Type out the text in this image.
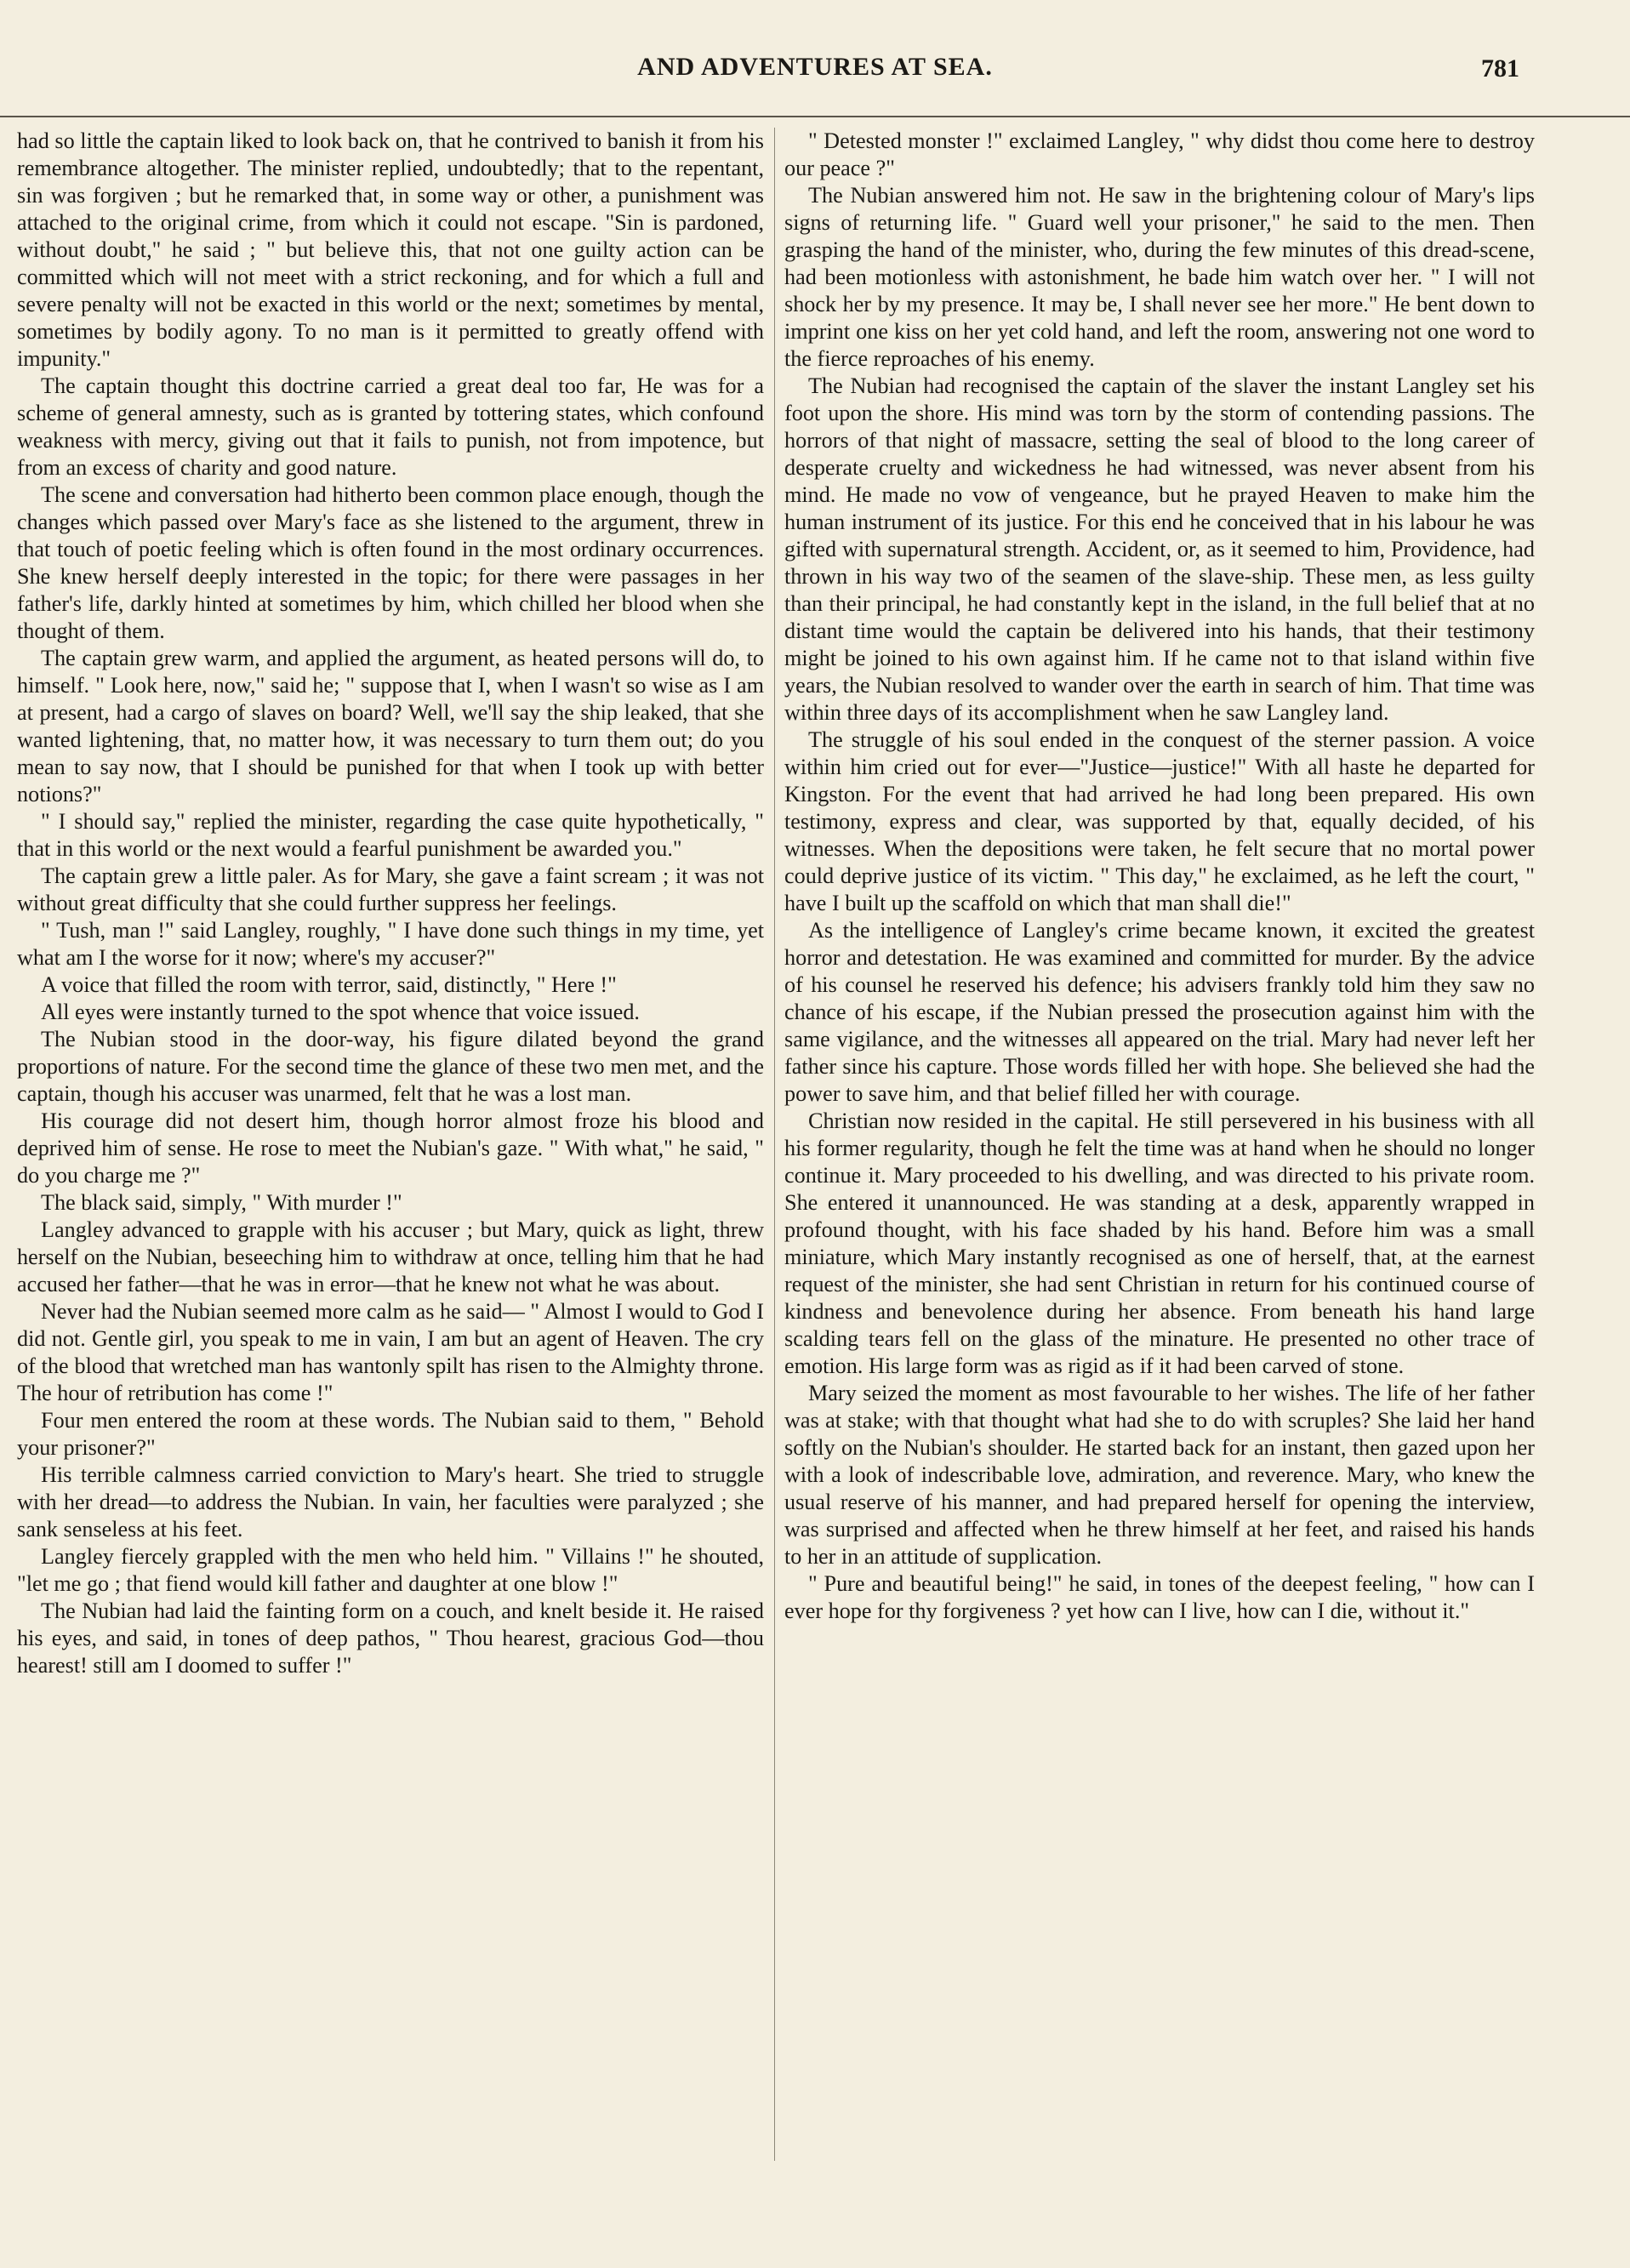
AND ADVENTURES AT SEA.	781

had so little the captain liked to look back on, that he contrived to banish it from his remembrance altogether. The minister replied, undoubtedly; that to the repentant, sin was forgiven ; but he remarked that, in some way or other, a punishment was attached to the original crime, from which it could not escape. "Sin is pardoned, without doubt," he said ; " but believe this, that not one guilty action can be committed which will not meet with a strict reckoning, and for which a full and severe penalty will not be exacted in this world or the next; sometimes by mental, sometimes by bodily agony. To no man is it permitted to greatly offend with impunity."

The captain thought this doctrine carried a great deal too far, He was for a scheme of general amnesty, such as is granted by tottering states, which confound weakness with mercy, giving out that it fails to punish, not from impotence, but from an excess of charity and good nature.

The scene and conversation had hitherto been common place enough, though the changes which passed over Mary's face as she listened to the argument, threw in that touch of poetic feeling which is often found in the most ordinary occurrences. She knew herself deeply interested in the topic; for there were passages in her father's life, darkly hinted at sometimes by him, which chilled her blood when she thought of them.

The captain grew warm, and applied the argument, as heated persons will do, to himself. " Look here, now," said he; " suppose that I, when I wasn't so wise as I am at present, had a cargo of slaves on board? Well, we'll say the ship leaked, that she wanted lightening, that, no matter how, it was necessary to turn them out; do you mean to say now, that I should be punished for that when I took up with better notions?"

" I should say," replied the minister, regarding the case quite hypothetically, " that in this world or the next would a fearful punishment be awarded you."

The captain grew a little paler. As for Mary, she gave a faint scream ; it was not without great difficulty that she could further suppress her feelings.

" Tush, man !" said Langley, roughly, " I have done such things in my time, yet what am I the worse for it now; where's my accuser?"

A voice that filled the room with terror, said, distinctly, " Here !"

All eyes were instantly turned to the spot whence that voice issued.

The Nubian stood in the door-way, his figure dilated beyond the grand proportions of nature. For the second time the glance of these two men met, and the captain, though his accuser was unarmed, felt that he was a lost man.

His courage did not desert him, though horror almost froze his blood and deprived him of sense. He rose to meet the Nubian's gaze. " With what," he said, " do you charge me ?"

The black said, simply, " With murder !"

Langley advanced to grapple with his accuser ; but Mary, quick as light, threw herself on the Nubian, beseeching him to withdraw at once, telling him that he had accused her father—that he was in error—that he knew not what he was about.

Never had the Nubian seemed more calm as he said— " Almost I would to God I did not. Gentle girl, you speak to me in vain, I am but an agent of Heaven. The cry of the blood that wretched man has wantonly spilt has risen to the Almighty throne. The hour of retribution has come !"

Four men entered the room at these words. The Nubian said to them, " Behold your prisoner?"

His terrible calmness carried conviction to Mary's heart. She tried to struggle with her dread—to address the Nubian. In vain, her faculties were paralyzed ; she sank senseless at his feet.

Langley fiercely grappled with the men who held him. " Villains !" he shouted, "let me go ; that fiend would kill father and daughter at one blow !"

The Nubian had laid the fainting form on a couch, and knelt beside it. He raised his eyes, and said, in tones of deep pathos, " Thou hearest, gracious God—thou hearest! still am I doomed to suffer !"

" Detested monster !" exclaimed Langley, " why didst thou come here to destroy our peace ?"

The Nubian answered him not. He saw in the brightening colour of Mary's lips signs of returning life. " Guard well your prisoner," he said to the men. Then grasping the hand of the minister, who, during the few minutes of this dread-scene, had been motionless with astonishment, he bade him watch over her. " I will not shock her by my presence. It may be, I shall never see her more." He bent down to imprint one kiss on her yet cold hand, and left the room, answering not one word to the fierce reproaches of his enemy.

The Nubian had recognised the captain of the slaver the instant Langley set his foot upon the shore. His mind was torn by the storm of contending passions. The horrors of that night of massacre, setting the seal of blood to the long career of desperate cruelty and wickedness he had witnessed, was never absent from his mind. He made no vow of vengeance, but he prayed Heaven to make him the human instrument of its justice. For this end he conceived that in his labour he was gifted with supernatural strength. Accident, or, as it seemed to him, Providence, had thrown in his way two of the seamen of the slave-ship. These men, as less guilty than their principal, he had constantly kept in the island, in the full belief that at no distant time would the captain be delivered into his hands, that their testimony might be joined to his own against him. If he came not to that island within five years, the Nubian resolved to wander over the earth in search of him. That time was within three days of its accomplishment when he saw Langley land.

The struggle of his soul ended in the conquest of the sterner passion. A voice within him cried out for ever—"Justice—justice!" With all haste he departed for Kingston. For the event that had arrived he had long been prepared. His own testimony, express and clear, was supported by that, equally decided, of his witnesses. When the depositions were taken, he felt secure that no mortal power could deprive justice of its victim. " This day," he exclaimed, as he left the court, " have I built up the scaffold on which that man shall die!"

As the intelligence of Langley's crime became known, it excited the greatest horror and detestation. He was examined and committed for murder. By the advice of his counsel he reserved his defence; his advisers frankly told him they saw no chance of his escape, if the Nubian pressed the prosecution against him with the same vigilance, and the witnesses all appeared on the trial. Mary had never left her father since his capture. Those words filled her with hope. She believed she had the power to save him, and that belief filled her with courage.

Christian now resided in the capital. He still persevered in his business with all his former regularity, though he felt the time was at hand when he should no longer continue it. Mary proceeded to his dwelling, and was directed to his private room. She entered it unannounced. He was standing at a desk, apparently wrapped in profound thought, with his face shaded by his hand. Before him was a small miniature, which Mary instantly recognised as one of herself, that, at the earnest request of the minister, she had sent Christian in return for his continued course of kindness and benevolence during her absence. From beneath his hand large scalding tears fell on the glass of the minature. He presented no other trace of emotion. His large form was as rigid as if it had been carved of stone.

Mary seized the moment as most favourable to her wishes. The life of her father was at stake; with that thought what had she to do with scruples? She laid her hand softly on the Nubian's shoulder. He started back for an instant, then gazed upon her with a look of indescribable love, admiration, and reverence. Mary, who knew the usual reserve of his manner, and had prepared herself for opening the interview, was surprised and affected when he threw himself at her feet, and raised his hands to her in an attitude of supplication.

" Pure and beautiful being!" he said, in tones of the deepest feeling, " how can I ever hope for thy forgiveness ? yet how can I live, how can I die, without it."
